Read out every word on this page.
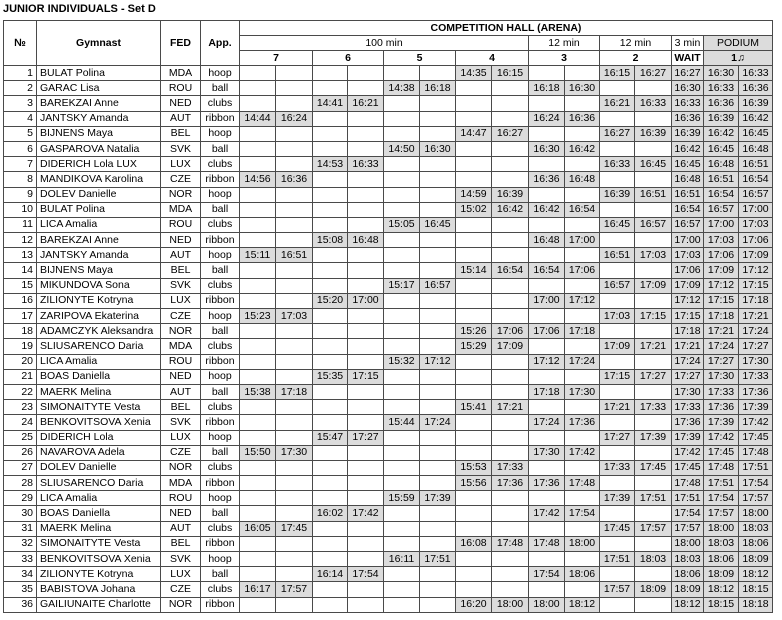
JUNIOR INDIVIDUALS - Set D
№	Gymnast	FED	App.	COMPETITION HALL (ARENA)														
				100 min								12 min		12 min		3 min	PODIUM	
				7		6		5		4		3		2		WAIT	1♫	
1	BULAT Polina	MDA	hoop							14:35	16:15			16:15	16:27	16:27	16:30	16:33
2	GARAC Lisa	ROU	ball					14:38	16:18			16:18	16:30			16:30	16:33	16:36
3	BAREKZAI Anne	NED	clubs			14:41	16:21							16:21	16:33	16:33	16:36	16:39
4	JANTSKY Amanda	AUT	ribbon	14:44	16:24							16:24	16:36			16:36	16:39	16:42
5	BIJNENS Maya	BEL	hoop							14:47	16:27			16:27	16:39	16:39	16:42	16:45
6	GASPAROVA Natalia	SVK	ball					14:50	16:30			16:30	16:42			16:42	16:45	16:48
7	DIDERICH Lola LUX	LUX	clubs			14:53	16:33							16:33	16:45	16:45	16:48	16:51
8	MANDIKOVA Karolina	CZE	ribbon	14:56	16:36							16:36	16:48			16:48	16:51	16:54
9	DOLEV Danielle	NOR	hoop							14:59	16:39			16:39	16:51	16:51	16:54	16:57
10	BULAT Polina	MDA	ball							15:02	16:42	16:42	16:54			16:54	16:57	17:00
11	LICA Amalia	ROU	clubs					15:05	16:45					16:45	16:57	16:57	17:00	17:03
12	BAREKZAI Anne	NED	ribbon			15:08	16:48					16:48	17:00			17:00	17:03	17:06
13	JANTSKY Amanda	AUT	hoop	15:11	16:51									16:51	17:03	17:03	17:06	17:09
14	BIJNENS Maya	BEL	ball							15:14	16:54	16:54	17:06			17:06	17:09	17:12
15	MIKUNDOVA Sona	SVK	clubs					15:17	16:57					16:57	17:09	17:09	17:12	17:15
16	ZILIONYTE Kotryna	LUX	ribbon			15:20	17:00					17:00	17:12			17:12	17:15	17:18
17	ZARIPOVA Ekaterina	CZE	hoop	15:23	17:03									17:03	17:15	17:15	17:18	17:21
18	ADAMCZYK Aleksandra	NOR	ball							15:26	17:06	17:06	17:18			17:18	17:21	17:24
19	SLIUSARENCO Daria	MDA	clubs							15:29	17:09			17:09	17:21	17:21	17:24	17:27
20	LICA Amalia	ROU	ribbon					15:32	17:12			17:12	17:24			17:24	17:27	17:30
21	BOAS Daniella	NED	hoop			15:35	17:15							17:15	17:27	17:27	17:30	17:33
22	MAERK Melina	AUT	ball	15:38	17:18							17:18	17:30			17:30	17:33	17:36
23	SIMONAITYTE Vesta	BEL	clubs							15:41	17:21			17:21	17:33	17:33	17:36	17:39
24	BENKOVITSOVA Xenia	SVK	ribbon					15:44	17:24			17:24	17:36			17:36	17:39	17:42
25	DIDERICH Lola	LUX	hoop			15:47	17:27							17:27	17:39	17:39	17:42	17:45
26	NAVAROVA Adela	CZE	ball	15:50	17:30							17:30	17:42			17:42	17:45	17:48
27	DOLEV Danielle	NOR	clubs							15:53	17:33			17:33	17:45	17:45	17:48	17:51
28	SLIUSARENCO Daria	MDA	ribbon							15:56	17:36	17:36	17:48			17:48	17:51	17:54
29	LICA Amalia	ROU	hoop					15:59	17:39					17:39	17:51	17:51	17:54	17:57
30	BOAS Daniella	NED	ball			16:02	17:42					17:42	17:54			17:54	17:57	18:00
31	MAERK Melina	AUT	clubs	16:05	17:45									17:45	17:57	17:57	18:00	18:03
32	SIMONAITYTE Vesta	BEL	ribbon							16:08	17:48	17:48	18:00			18:00	18:03	18:06
33	BENKOVITSOVA Xenia	SVK	hoop					16:11	17:51					17:51	18:03	18:03	18:06	18:09
34	ZILIONYTE Kotryna	LUX	ball			16:14	17:54					17:54	18:06			18:06	18:09	18:12
35	BABISTOVA Johana	CZE	clubs	16:17	17:57									17:57	18:09	18:09	18:12	18:15
36	GAILIUNAITE Charlotte	NOR	ribbon							16:20	18:00	18:00	18:12			18:12	18:15	18:18
